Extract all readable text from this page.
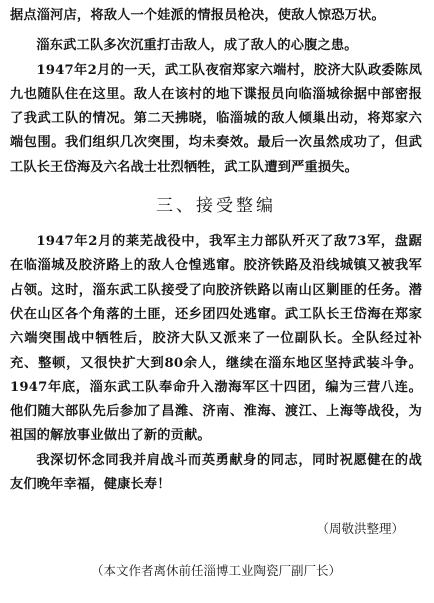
据点淄河店，将敌人一个娃派的情报员枪决，使敌人惊恐万状。

淄东武工队多次沉重打击敌人，成了敌人的心腹之患。

1947年2月的一天，武工队夜宿郑家六端村，胶济大队政委陈凤九也随队住在这里。敌人在该村的地下谍报员向临淄城徐据中部密报了我武工队的情况。第二天拂晓，临淄城的敌人倾巢出动，将郑家六端包围。我们组织几次突围，均未奏效。最后一次虽然成功了，但武工队长王岱海及六名战士壮烈牺牲，武工队遭到严重损失。

三、接受整编

1947年2月的莱芜战役中，我军主力部队歼灭了敌73军，盘踞在临淄城及胶济路上的敌人仓惶逃窜。胶济铁路及沿线城镇又被我军占领。这时，淄东武工队接受了向胶济铁路以南山区剿匪的任务。潜伏在山区各个角落的土匪，还乡团四处逃窜。武工队长王岱海在郑家六端突围战中牺牲后，胶济大队又派来了一位副队长。全队经过补充、整顿，又很快扩大到80余人，继续在淄东地区坚持武装斗争。1947年底，淄东武工队奉命升入渤海军区十四团，编为三营八连。他们随大部队先后参加了昌潍、济南、淮海、渡江、上海等战役，为祖国的解放事业做出了新的贡献。

我深切怀念同我并肩战斗而英勇献身的同志，同时祝愿健在的战友们晚年幸福，健康长寿！

（周敬洪整理）
（本文作者离休前任淄博工业陶瓷厂副厂长）
